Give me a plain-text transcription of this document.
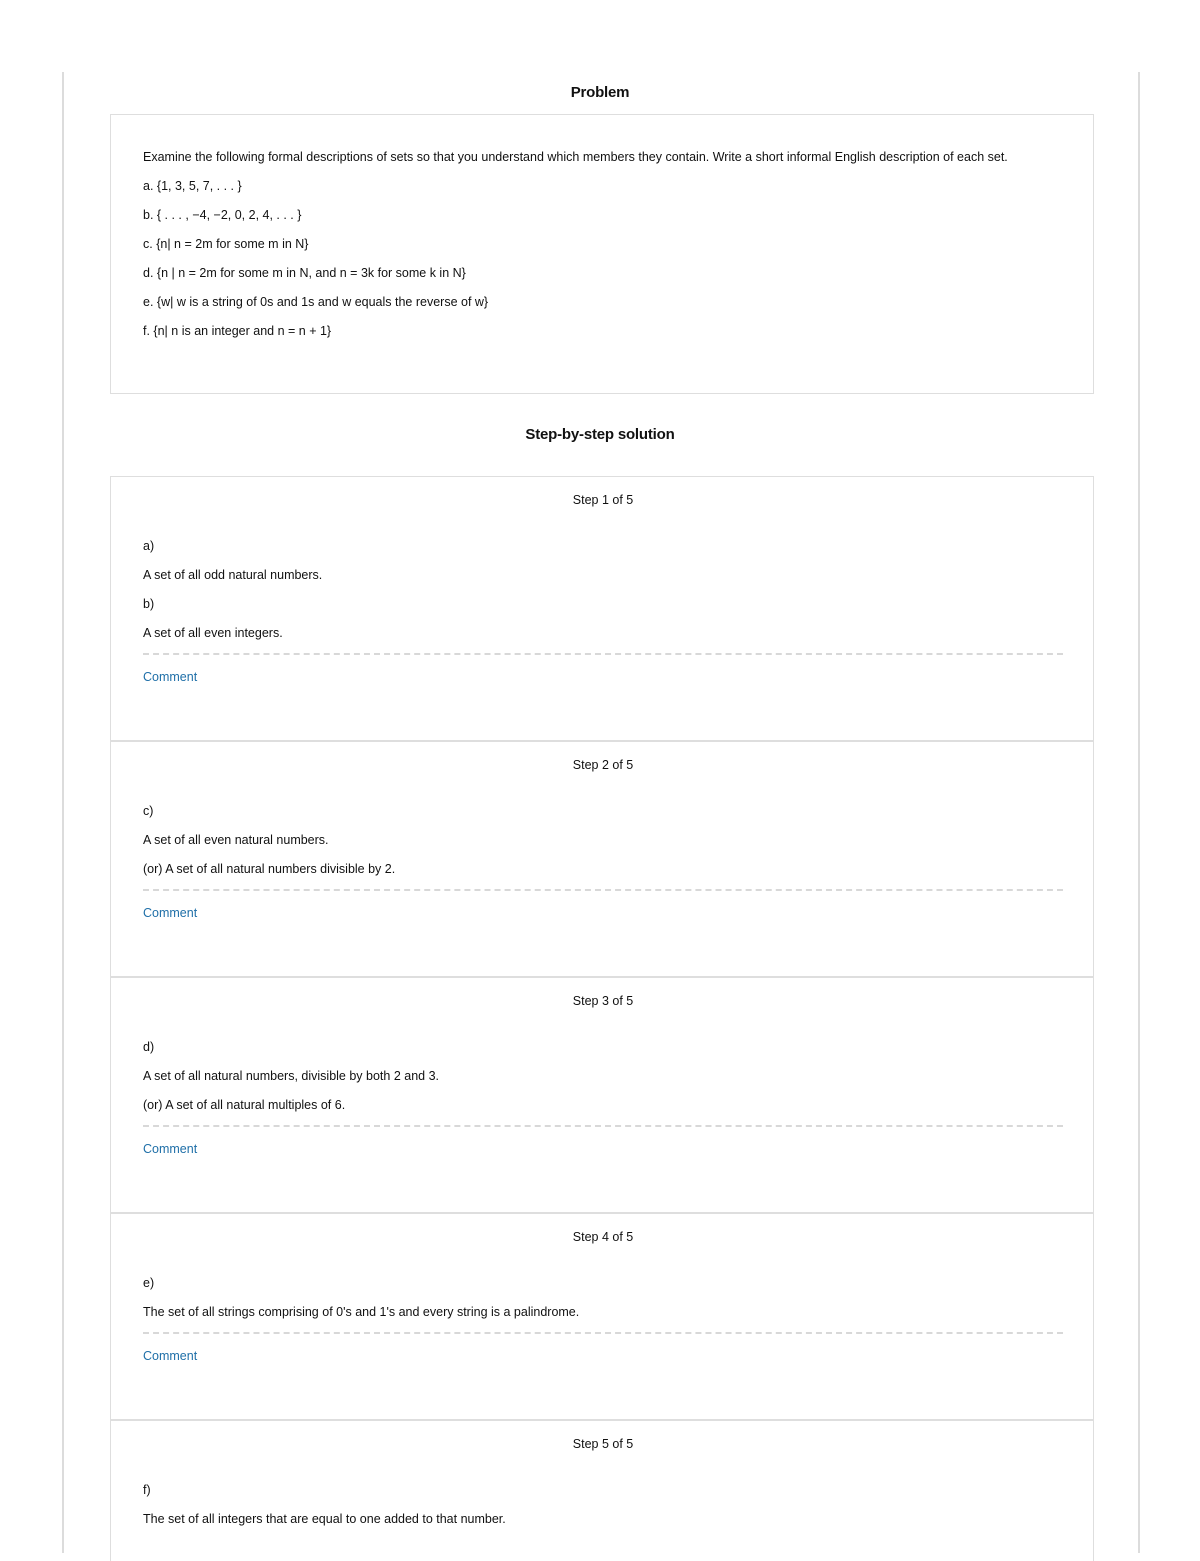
Problem

Examine the following formal descriptions of sets so that you understand which members they contain. Write a short informal English description of each set.

a. {1, 3, 5, 7, . . . }
b. { . . . , −4, −2, 0, 2, 4, . . . }
c. {n| n = 2m for some m in N}
d. {n | n = 2m for some m in N, and n = 3k for some k in N}
e. {w| w is a string of 0s and 1s and w equals the reverse of w}
f. {n| n is an integer and n = n + 1}
Step-by-step solution
Step 1 of 5
a)
A set of all odd natural numbers.
b)
A set of all even integers.
Comment
Step 2 of 5
c)
A set of all even natural numbers.
(or) A set of all natural numbers divisible by 2.
Comment
Step 3 of 5
d)
A set of all natural numbers, divisible by both 2 and 3.
(or) A set of all natural multiples of 6.
Comment
Step 4 of 5
e)
The set of all strings comprising of 0's and 1's and every string is a palindrome.
Comment
Step 5 of 5
f)
The set of all integers that are equal to one added to that number.
